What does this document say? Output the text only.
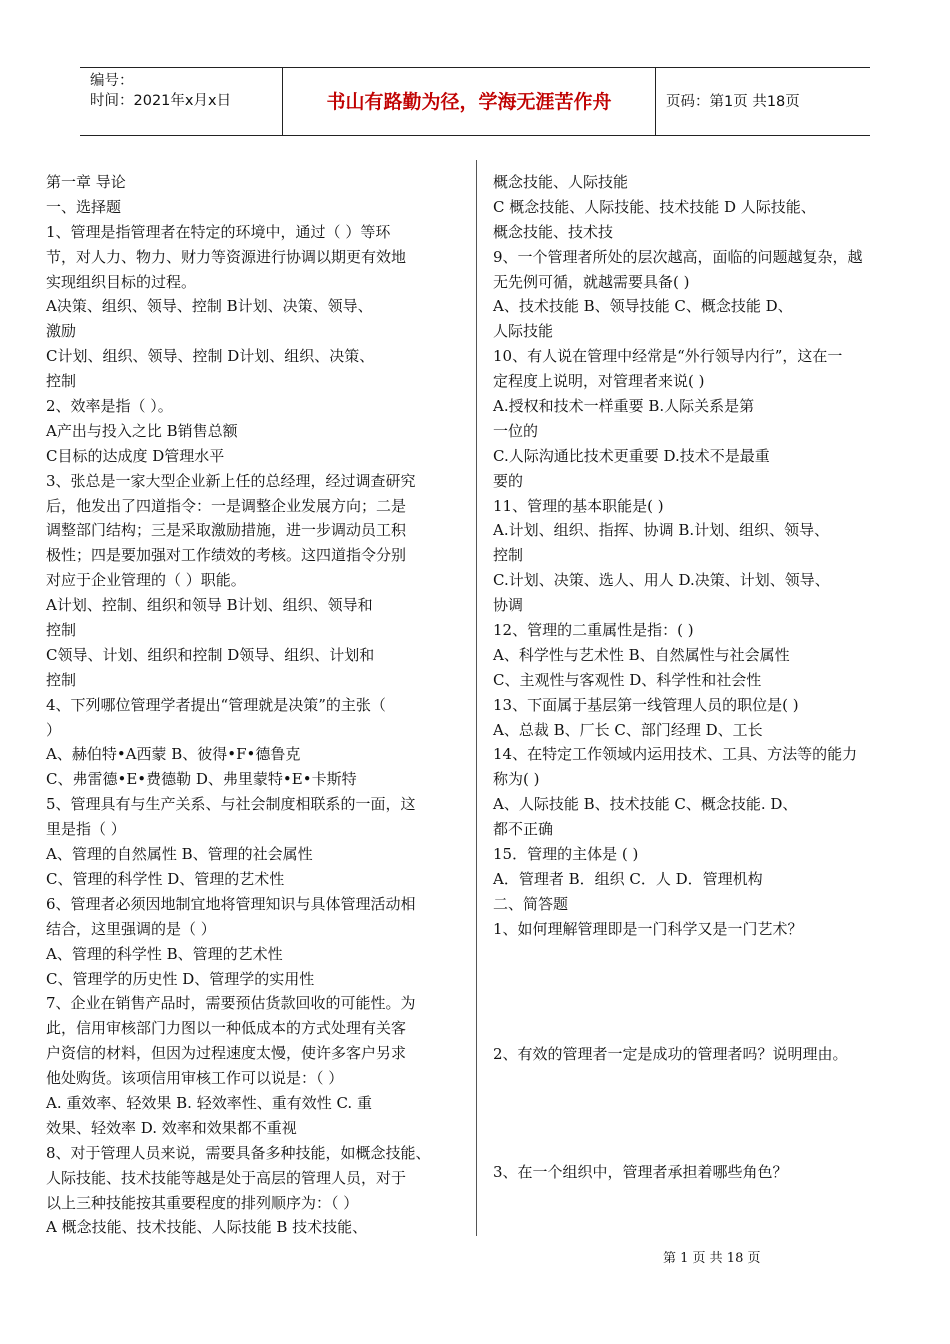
编号：
时间：2021年x月x日	书山有路勤为径，学海无涯苦作舟	页码：第1页 共18页
第一章 导论
一、选择题
1、管理是指管理者在特定的环境中，通过（ ）等环
节，对人力、物力、财力等资源进行协调以期更有效地
实现组织目标的过程。
A决策、组织、领导、控制 B计划、决策、领导、
激励
C计划、组织、领导、控制 D计划、组织、决策、
控制
2、效率是指（ ）。
A产出与投入之比 B销售总额
C目标的达成度 D管理水平
3、张总是一家大型企业新上任的总经理，经过调查研究
后，他发出了四道指令：一是调整企业发展方向；二是
调整部门结构；三是采取激励措施，进一步调动员工积
极性；四是要加强对工作绩效的考核。这四道指令分别
对应于企业管理的（ ）职能。
A计划、控制、组织和领导 B计划、组织、领导和
控制
C领导、计划、组织和控制 D领导、组织、计划和
控制
4、下列哪位管理学者提出“管理就是决策”的主张（
）
A、赫伯特•A西蒙 B、彼得•F•德鲁克
C、弗雷德•E•费德勒 D、弗里蒙特•E•卡斯特
5、管理具有与生产关系、与社会制度相联系的一面，这
里是指（ ）
A、管理的自然属性 B、管理的社会属性
C、管理的科学性 D、管理的艺术性
6、管理者必须因地制宜地将管理知识与具体管理活动相
结合，这里强调的是（ ）
A、管理的科学性 B、管理的艺术性
C、管理学的历史性 D、管理学的实用性
7、企业在销售产品时，需要预估货款回收的可能性。为
此，信用审核部门力图以一种低成本的方式处理有关客
户资信的材料，但因为过程速度太慢，使许多客户另求
他处购货。该项信用审核工作可以说是：（ ）
A. 重效率、轻效果 B. 轻效率性、重有效性 C. 重
效果、轻效率 D. 效率和效果都不重视
8、对于管理人员来说，需要具备多种技能，如概念技能、
人际技能、技术技能等越是处于高层的管理人员，对于
以上三种技能按其重要程度的排列顺序为：（ ）
A 概念技能、技术技能、人际技能 B 技术技能、
概念技能、人际技能
C 概念技能、人际技能、技术技能 D 人际技能、
概念技能、技术技
9、一个管理者所处的层次越高，面临的问题越复杂，越
无先例可循，就越需要具备( )
A、技术技能 B、领导技能 C、概念技能 D、
人际技能
10、有人说在管理中经常是“外行领导内行”，这在一
定程度上说明，对管理者来说( )
A.授权和技术一样重要 B.人际关系是第
一位的
C.人际沟通比技术更重要 D.技术不是最重
要的
11、管理的基本职能是( )
A.计划、组织、指挥、协调 B.计划、组织、领导、
控制
C.计划、决策、选人、用人 D.决策、计划、领导、
协调
12、管理的二重属性是指：( )
A、科学性与艺术性 B、自然属性与社会属性
C、主观性与客观性 D、科学性和社会性
13、下面属于基层第一线管理人员的职位是( )
A、总裁 B、厂长 C、部门经理 D、工长
14、在特定工作领域内运用技术、工具、方法等的能力
称为( )
A、人际技能 B、技术技能 C、概念技能. D、
都不正确
15．管理的主体是 ( )
A．管理者 B．组织 C．人 D．管理机构
二、简答题
1、如何理解管理即是一门科学又是一门艺术？
2、有效的管理者一定是成功的管理者吗？说明理由。
3、在一个组织中，管理者承担着哪些角色？
第 1 页 共 18 页
